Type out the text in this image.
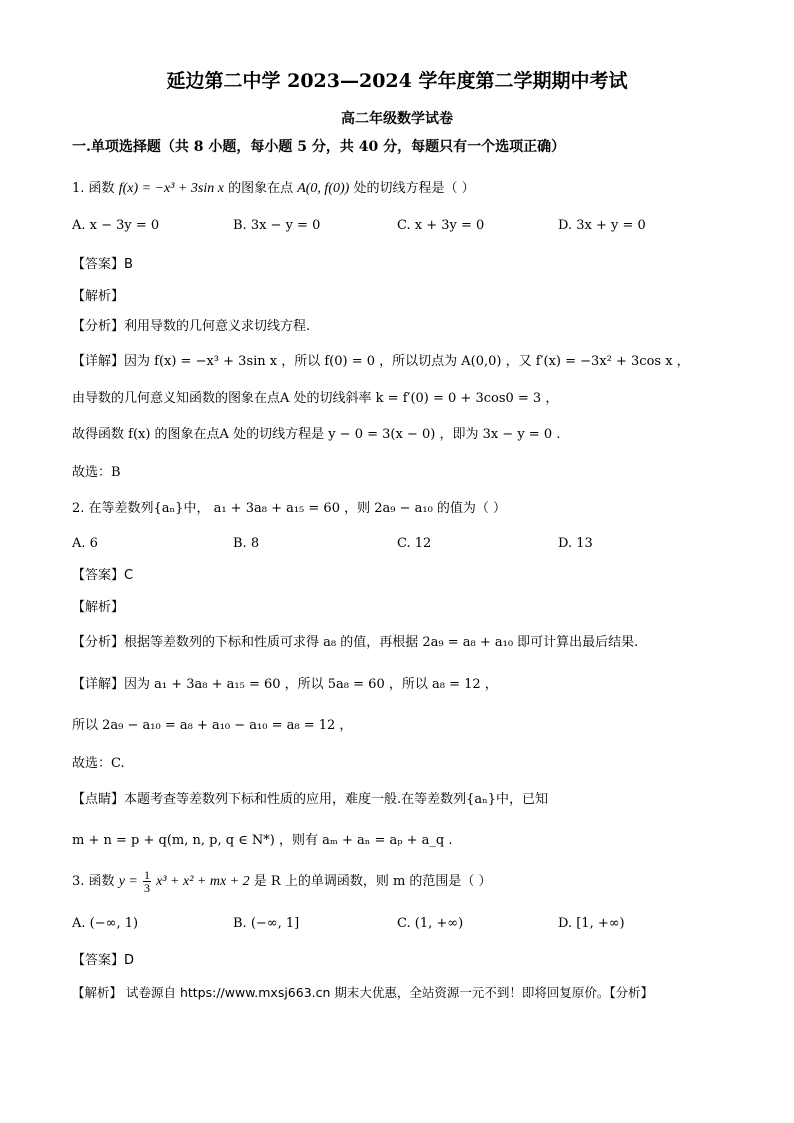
延边第二中学 2023—2024 学年度第二学期期中考试
高二年级数学试卷
一.单项选择题（共 8 小题，每小题 5 分，共 40 分，每题只有一个选项正确）
1. 函数 f(x) = −x³ + 3sin x 的图象在点 A(0, f(0)) 处的切线方程是（ ）
A. x − 3y = 0	B. 3x − y = 0	C. x + 3y = 0	D. 3x + y = 0
【答案】B
【解析】
【分析】利用导数的几何意义求切线方程.
【详解】因为 f(x) = −x³ + 3sin x ，所以 f(0) = 0 ，所以切点为 A(0,0) ，又 f′(x) = −3x² + 3cos x ，
由导数的几何意义知函数的图象在点A 处的切线斜率 k = f′(0) = 0 + 3cos0 = 3 ，
故得函数 f(x) 的图象在点A 处的切线方程是 y − 0 = 3(x − 0) ，即为 3x − y = 0 .
故选：B
2. 在等差数列{aₙ}中， a₁ + 3a₈ + a₁₅ = 60 ，则 2a₉ − a₁₀ 的值为（ ）
A. 6	B. 8	C. 12	D. 13
【答案】C
【解析】
【分析】根据等差数列的下标和性质可求得 a₈ 的值，再根据 2a₉ = a₈ + a₁₀ 即可计算出最后结果.
【详解】因为 a₁ + 3a₈ + a₁₅ = 60 ，所以 5a₈ = 60 ，所以 a₈ = 12 ，
所以 2a₉ − a₁₀ = a₈ + a₁₀ − a₁₀ = a₈ = 12 ，
故选：C.
【点睛】本题考查等差数列下标和性质的应用，难度一般.在等差数列{aₙ}中，已知
m + n = p + q(m, n, p, q ∈ N*) ，则有 aₘ + aₙ = aₚ + a_q .
3. 函数 $y = \frac{1}{3} x^3 + x^2$ + mx + 2 是 R 上的单调函数，则 m 的范围是（ ）
A. (−∞, 1)	B. (−∞, 1]	C. (1, +∞)	D. [1, +∞)
【答案】D
【解析】 试卷源自 https://www.mxsj663.cn 期末大优惠，全站资源一元不到！即将回复原价。【分析】
